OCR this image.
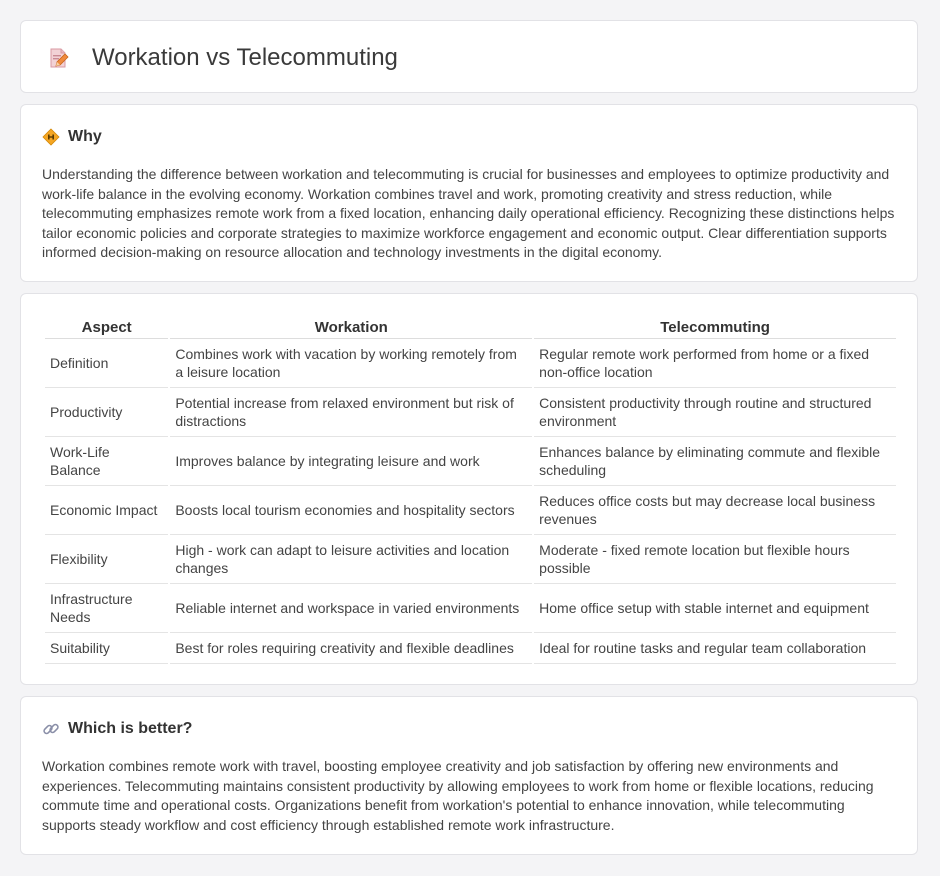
Workation vs Telecommuting
Why

Understanding the difference between workation and telecommuting is crucial for businesses and employees to optimize productivity and work-life balance in the evolving economy. Workation combines travel and work, promoting creativity and stress reduction, while telecommuting emphasizes remote work from a fixed location, enhancing daily operational efficiency. Recognizing these distinctions helps tailor economic policies and corporate strategies to maximize workforce engagement and economic output. Clear differentiation supports informed decision-making on resource allocation and technology investments in the digital economy.

Aspect	Workation	Telecommuting
Definition	Combines work with vacation by working remotely from a leisure location	Regular remote work performed from home or a fixed non-office location
Productivity	Potential increase from relaxed environment but risk of distractions	Consistent productivity through routine and structured environment
Work-Life Balance	Improves balance by integrating leisure and work	Enhances balance by eliminating commute and flexible scheduling
Economic Impact	Boosts local tourism economies and hospitality sectors	Reduces office costs but may decrease local business revenues
Flexibility	High - work can adapt to leisure activities and location changes	Moderate - fixed remote location but flexible hours possible
Infrastructure Needs	Reliable internet and workspace in varied environments	Home office setup with stable internet and equipment
Suitability	Best for roles requiring creativity and flexible deadlines	Ideal for routine tasks and regular team collaboration
Which is better?

Workation combines remote work with travel, boosting employee creativity and job satisfaction by offering new environments and experiences. Telecommuting maintains consistent productivity by allowing employees to work from home or flexible locations, reducing commute time and operational costs. Organizations benefit from workation's potential to enhance innovation, while telecommuting supports steady workflow and cost efficiency through established remote work infrastructure.
